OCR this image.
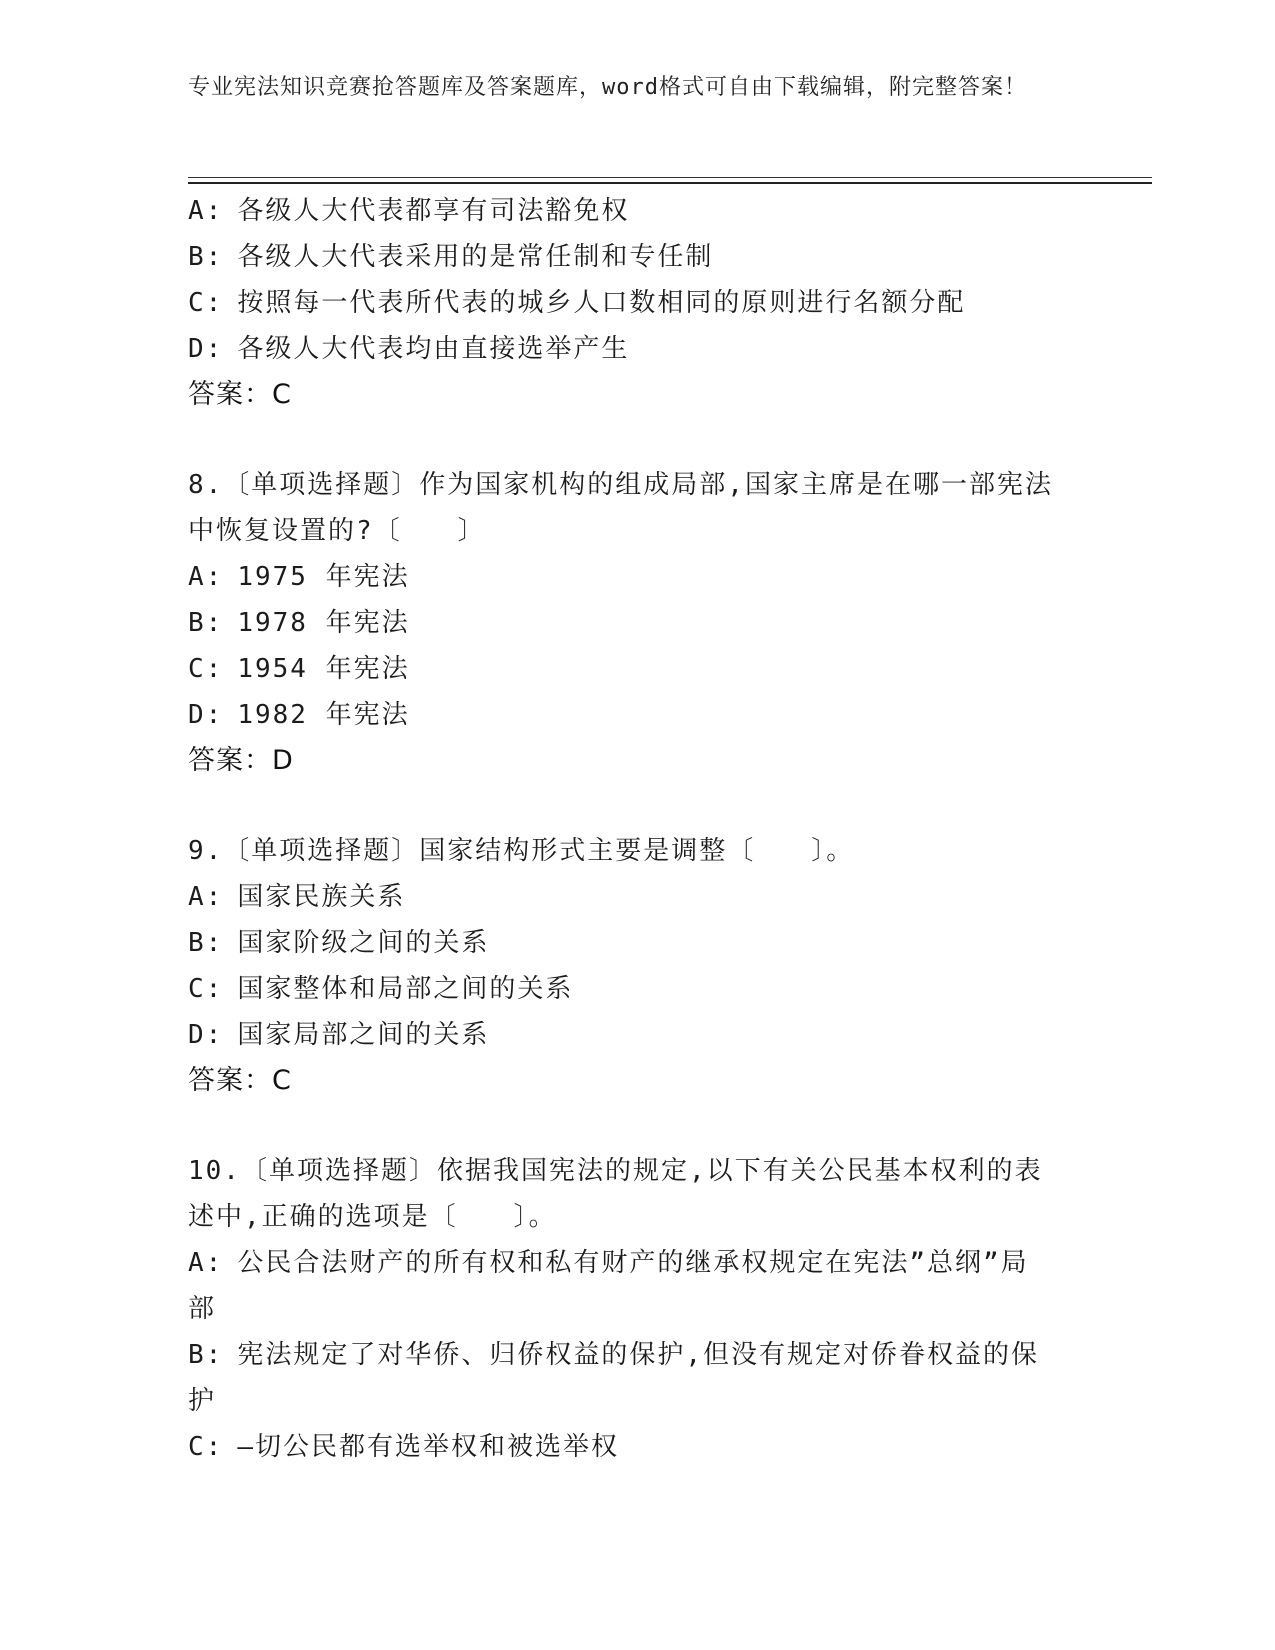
专业宪法知识竞赛抢答题库及答案题库，word格式可自由下载编辑，附完整答案！
A: 各级人大代表都享有司法豁免权
B: 各级人大代表采用的是常任制和专任制
C: 按照每一代表所代表的城乡人口数相同的原则进行名额分配
D: 各级人大代表均由直接选举产生
答案：C
8.〔单项选择题〕作为国家机构的组成局部,国家主席是在哪一部宪法
中恢复设置的?〔　　〕
A: 1975 年宪法
B: 1978 年宪法
C: 1954 年宪法
D: 1982 年宪法
答案：D
9.〔单项选择题〕国家结构形式主要是调整〔　　〕。
A: 国家民族关系
B: 国家阶级之间的关系
C: 国家整体和局部之间的关系
D: 国家局部之间的关系
答案：C
10.〔单项选择题〕依据我国宪法的规定,以下有关公民基本权利的表
述中,正确的选项是〔　　〕。
A: 公民合法财产的所有权和私有财产的继承权规定在宪法”总纲”局
部
B: 宪法规定了对华侨、归侨权益的保护,但没有规定对侨眷权益的保
护
C: —切公民都有选举权和被选举权
